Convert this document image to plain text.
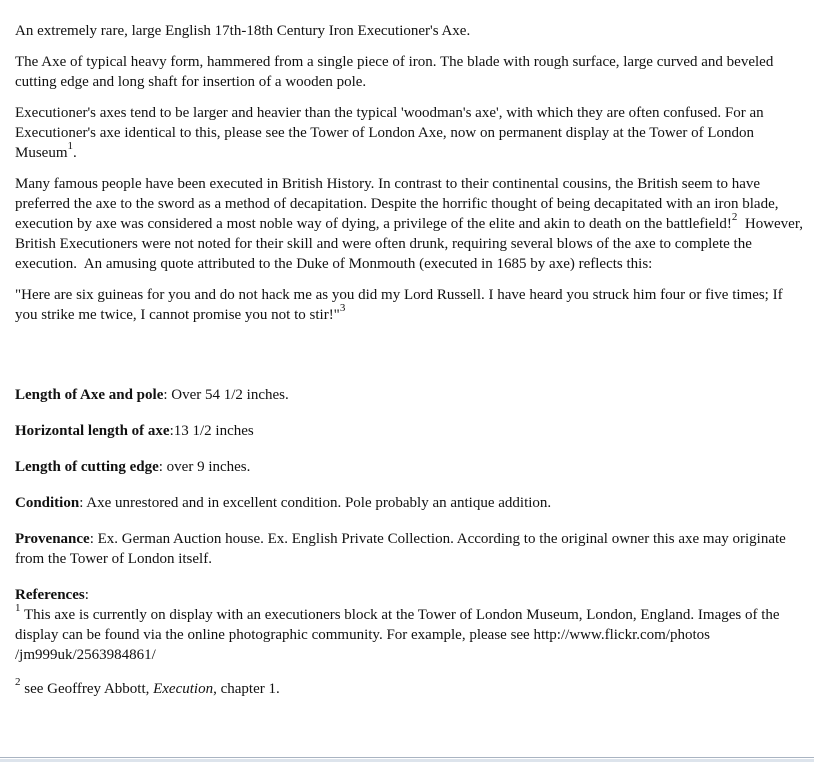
An extremely rare, large English 17th-18th Century Iron Executioner's Axe.

The Axe of typical heavy form, hammered from a single piece of iron. The blade with rough surface, large curved and beveled cutting edge and long shaft for insertion of a wooden pole.

Executioner's axes tend to be larger and heavier than the typical 'woodman's axe', with which they are often confused. For an Executioner's axe identical to this, please see the Tower of London Axe, now on permanent display at the Tower of London Museum$^1$.

Many famous people have been executed in British History. In contrast to their continental cousins, the British seem to have preferred the axe to the sword as a method of decapitation. Despite the horrific thought of being decapitated with an iron blade, execution by axe was considered a most noble way of dying, a privilege of the elite and akin to death on the battlefield!$^2$  However, British Executioners were not noted for their skill and were often drunk, requiring several blows of the axe to complete the execution.  An amusing quote attributed to the Duke of Monmouth (executed in 1685 by axe) reflects this:

"Here are six guineas for you and do not hack me as you did my Lord Russell. I have heard you struck him four or five times; If you strike me twice, I cannot promise you not to stir!"$^3$

Length of Axe and pole: Over 54 1/2 inches.

Horizontal length of axe:13 1/2 inches

Length of cutting edge: over 9 inches.

Condition: Axe unrestored and in excellent condition. Pole probably an antique addition.

Provenance: Ex. German Auction house. Ex. English Private Collection. According to the original owner this axe may originate from the Tower of London itself.

References:

$^1$ This axe is currently on display with an executioners block at the Tower of London Museum, London, England. Images of the display can be found via the online photographic community. For example, please see http://www.flickr.com/photos /jm999uk/2563984861/

$^2$ see Geoffrey Abbott, Execution, chapter 1.
